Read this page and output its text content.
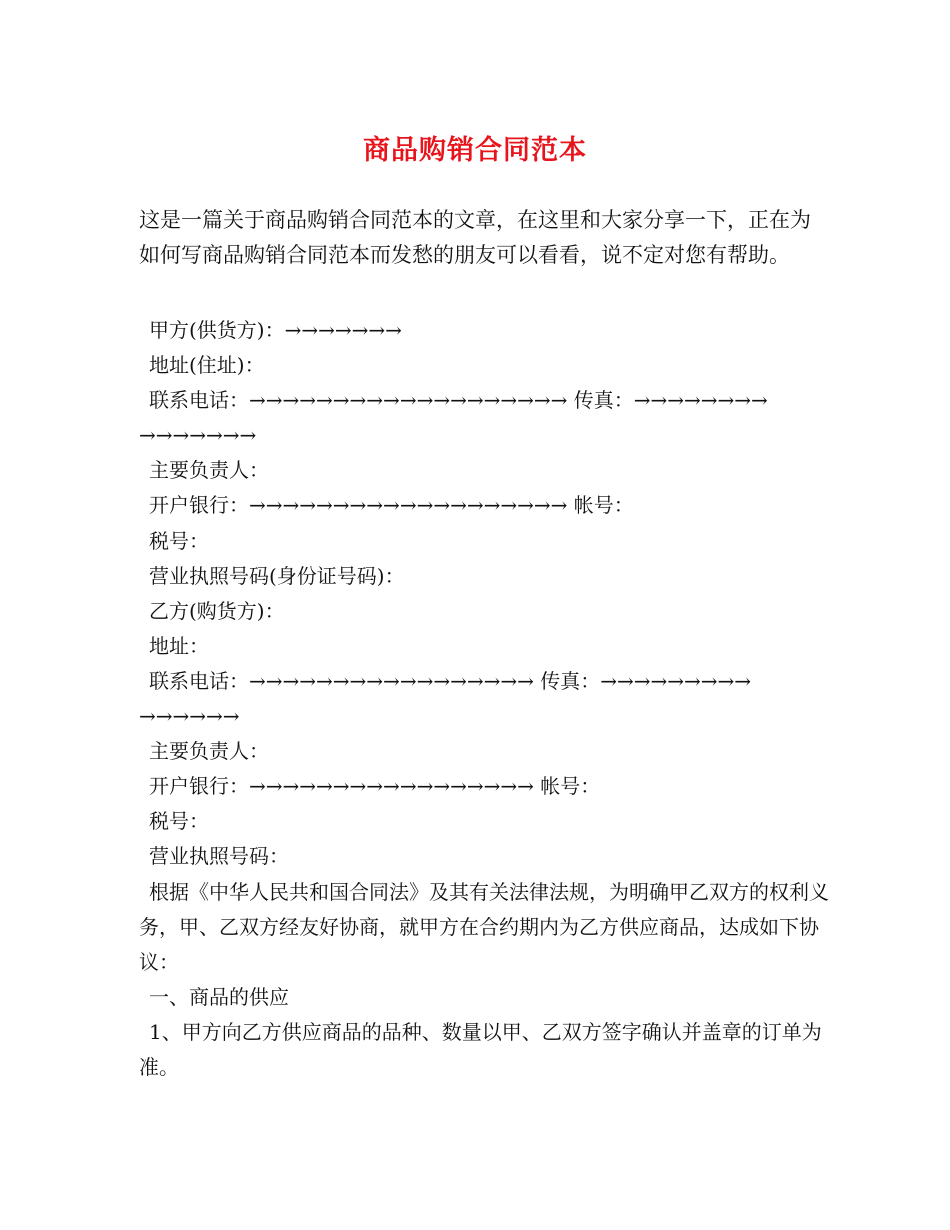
商品购销合同范本

这是一篇关于商品购销合同范本的文章，在这里和大家分享一下，正在为如何写商品购销合同范本而发愁的朋友可以看看，说不定对您有帮助。

甲方(供货方)：→→→→→→→
地址(住址)：
联系电话：→→→→→→→→→→→→→→→→→→→ 传真：→→→→→→→→
→→→→→→→
主要负责人：
开户银行：→→→→→→→→→→→→→→→→→→→ 帐号：
税号：
营业执照号码(身份证号码)：
乙方(购货方)：
地址：
联系电话：→→→→→→→→→→→→→→→→→ 传真：→→→→→→→→→
→→→→→→
主要负责人：
开户银行：→→→→→→→→→→→→→→→→→ 帐号：
税号：
营业执照号码：

根据《中华人民共和国合同法》及其有关法律法规，为明确甲乙双方的权利义务，甲、乙双方经友好协商，就甲方在合约期内为乙方供应商品，达成如下协议：

一、商品的供应

1、甲方向乙方供应商品的品种、数量以甲、乙双方签字确认并盖章的订单为准。
